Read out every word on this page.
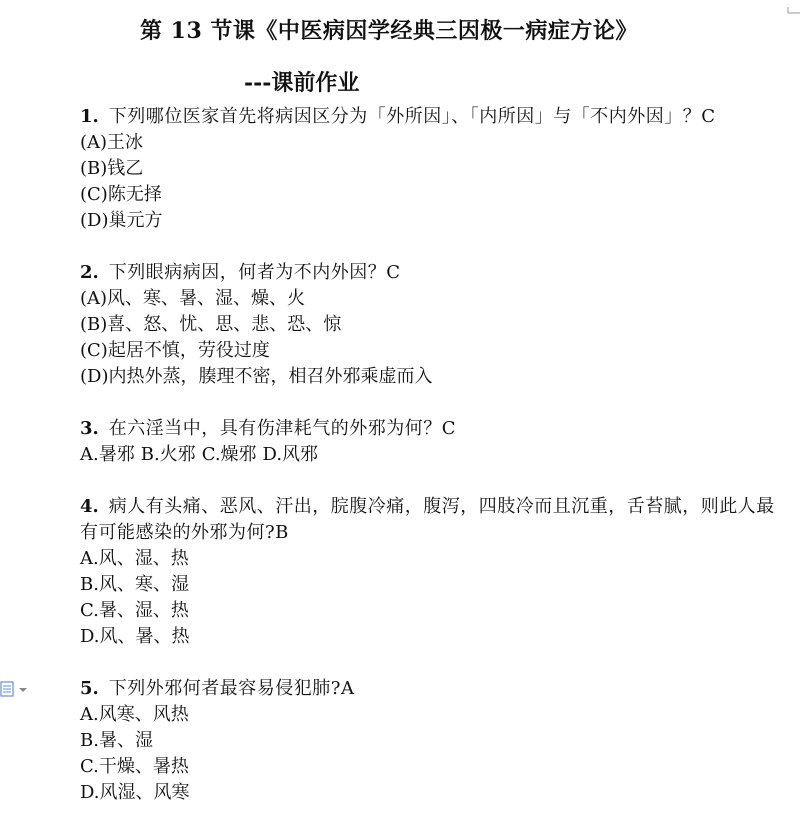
第 13 节课《中医病因学经典三因极一病症方论》
---课前作业
1. 下列哪位医家首先将病因区分为「外所因」、「内所因」与「不内外因」？C
(A)王冰
(B)钱乙
(C)陈无择
(D)巢元方
2. 下列眼病病因，何者为不内外因？C
(A)风、寒、暑、湿、燥、火
(B)喜、怒、忧、思、悲、恐、惊
(C)起居不慎，劳役过度
(D)内热外蒸，腠理不密，相召外邪乘虚而入
3. 在六淫当中，具有伤津耗气的外邪为何？C
A.暑邪 B.火邪 C.燥邪 D.风邪
4. 病人有头痛、恶风、汗出，脘腹冷痛，腹泻，四肢冷而且沉重，舌苔腻，则此人最有可能感染的外邪为何?B
A.风、湿、热
B.风、寒、湿
C.暑、湿、热
D.风、暑、热
5. 下列外邪何者最容易侵犯肺?A
A.风寒、风热
B.暑、湿
C.干燥、暑热
D.风湿、风寒
